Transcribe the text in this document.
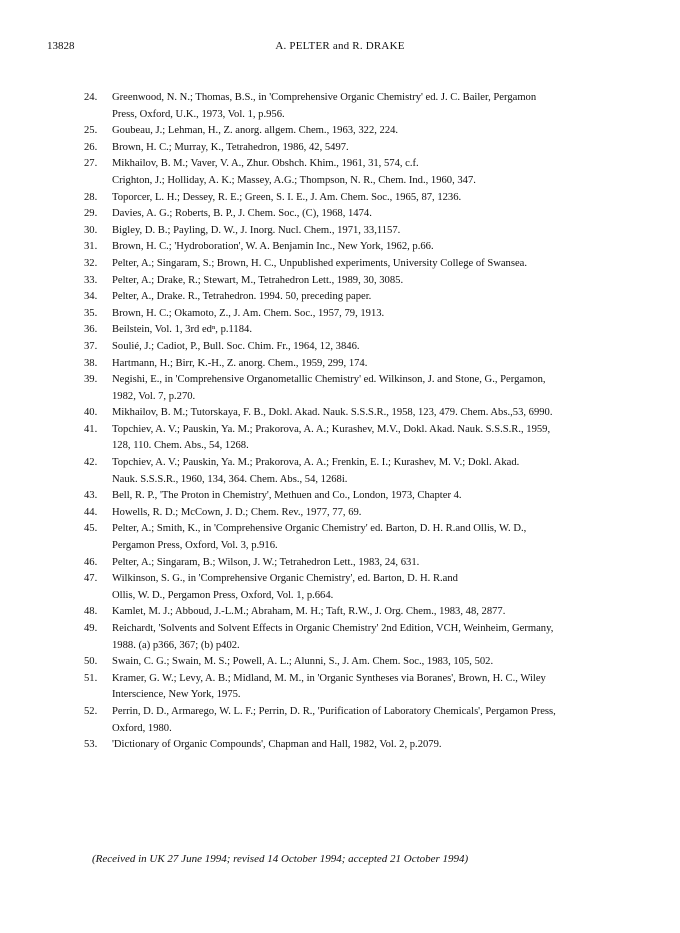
13828	A. PELTER and R. DRAKE
24. Greenwood, N. N.; Thomas, B.S., in 'Comprehensive Organic Chemistry' ed. J. C. Bailer, Pergamon
Press, Oxford, U.K., 1973, Vol. 1, p.956.
25. Goubeau, J.; Lehman, H., Z. anorg. allgem. Chem., 1963, 322, 224.
26. Brown, H. C.; Murray, K., Tetrahedron, 1986, 42, 5497.
27. Mikhailov, B. M.; Vaver, V. A., Zhur. Obshch. Khim., 1961, 31, 574, c.f.
Crighton, J.; Holliday, A. K.; Massey, A.G.; Thompson, N. R., Chem. Ind., 1960, 347.
28. Toporcer, L. H.; Dessey, R. E.; Green, S. I. E., J. Am. Chem. Soc., 1965, 87, 1236.
29. Davies, A. G.; Roberts, B. P., J. Chem. Soc., (C), 1968, 1474.
30. Bigley, D. B.; Payling, D. W., J. Inorg. Nucl. Chem., 1971, 33,1157.
31. Brown, H. C.; 'Hydroboration', W. A. Benjamin Inc., New York, 1962, p.66.
32. Pelter, A.; Singaram, S.; Brown, H. C., Unpublished experiments, University College of Swansea.
33. Pelter, A.; Drake, R.; Stewart, M., Tetrahedron Lett., 1989, 30, 3085.
34. Pelter, A., Drake. R., Tetrahedron. 1994. 50, preceding paper.
35. Brown, H. C.; Okamoto, Z., J. Am. Chem. Soc., 1957, 79, 1913.
36. Beilstein, Vol. 1, 3rd edⁿ, p.1184.
37. Soulié, J.; Cadiot, P., Bull. Soc. Chim. Fr., 1964, 12, 3846.
38. Hartmann, H.; Birr, K.-H., Z. anorg. Chem., 1959, 299, 174.
39. Negishi, E., in 'Comprehensive Organometallic Chemistry' ed. Wilkinson, J. and Stone, G., Pergamon,
1982, Vol. 7, p.270.
40. Mikhailov, B. M.; Tutorskaya, F. B., Dokl. Akad. Nauk. S.S.S.R., 1958, 123, 479. Chem. Abs.,53, 6990.
41. Topchiev, A. V.; Pauskin, Ya. M.; Prakorova, A. A.; Kurashev, M.V., Dokl. Akad. Nauk. S.S.S.R., 1959,
128, 110. Chem. Abs., 54, 1268.
42. Topchiev, A. V.; Pauskin, Ya. M.; Prakorova, A. A.; Frenkin, E. I.; Kurashev, M. V.; Dokl. Akad.
Nauk. S.S.S.R., 1960, 134, 364. Chem. Abs., 54, 1268i.
43. Bell, R. P., 'The Proton in Chemistry', Methuen and Co., London, 1973, Chapter 4.
44. Howells, R. D.; McCown, J. D.; Chem. Rev., 1977, 77, 69.
45. Pelter, A.; Smith, K., in 'Comprehensive Organic Chemistry' ed. Barton, D. H. R.and Ollis, W. D.,
Pergamon Press, Oxford, Vol. 3, p.916.
46. Pelter, A.; Singaram, B.; Wilson, J. W.; Tetrahedron Lett., 1983, 24, 631.
47. Wilkinson, S. G., in 'Comprehensive Organic Chemistry', ed. Barton, D. H. R.and
Ollis, W. D., Pergamon Press, Oxford, Vol. 1, p.664.
48. Kamlet, M. J.; Abboud, J.-L.M.; Abraham, M. H.; Taft, R.W., J. Org. Chem., 1983, 48, 2877.
49. Reichardt, 'Solvents and Solvent Effects in Organic Chemistry' 2nd Edition, VCH, Weinheim, Germany,
1988. (a) p366, 367; (b) p402.
50. Swain, C. G.; Swain, M. S.; Powell, A. L.; Alunni, S., J. Am. Chem. Soc., 1983, 105, 502.
51. Kramer, G. W.; Levy, A. B.; Midland, M. M., in 'Organic Syntheses via Boranes', Brown, H. C., Wiley
Interscience, New York, 1975.
52. Perrin, D. D., Armarego, W. L. F.; Perrin, D. R., 'Purification of Laboratory Chemicals', Pergamon Press,
Oxford, 1980.
53. 'Dictionary of Organic Compounds', Chapman and Hall, 1982, Vol. 2, p.2079.
(Received in UK 27 June 1994; revised 14 October 1994; accepted 21 October 1994)
